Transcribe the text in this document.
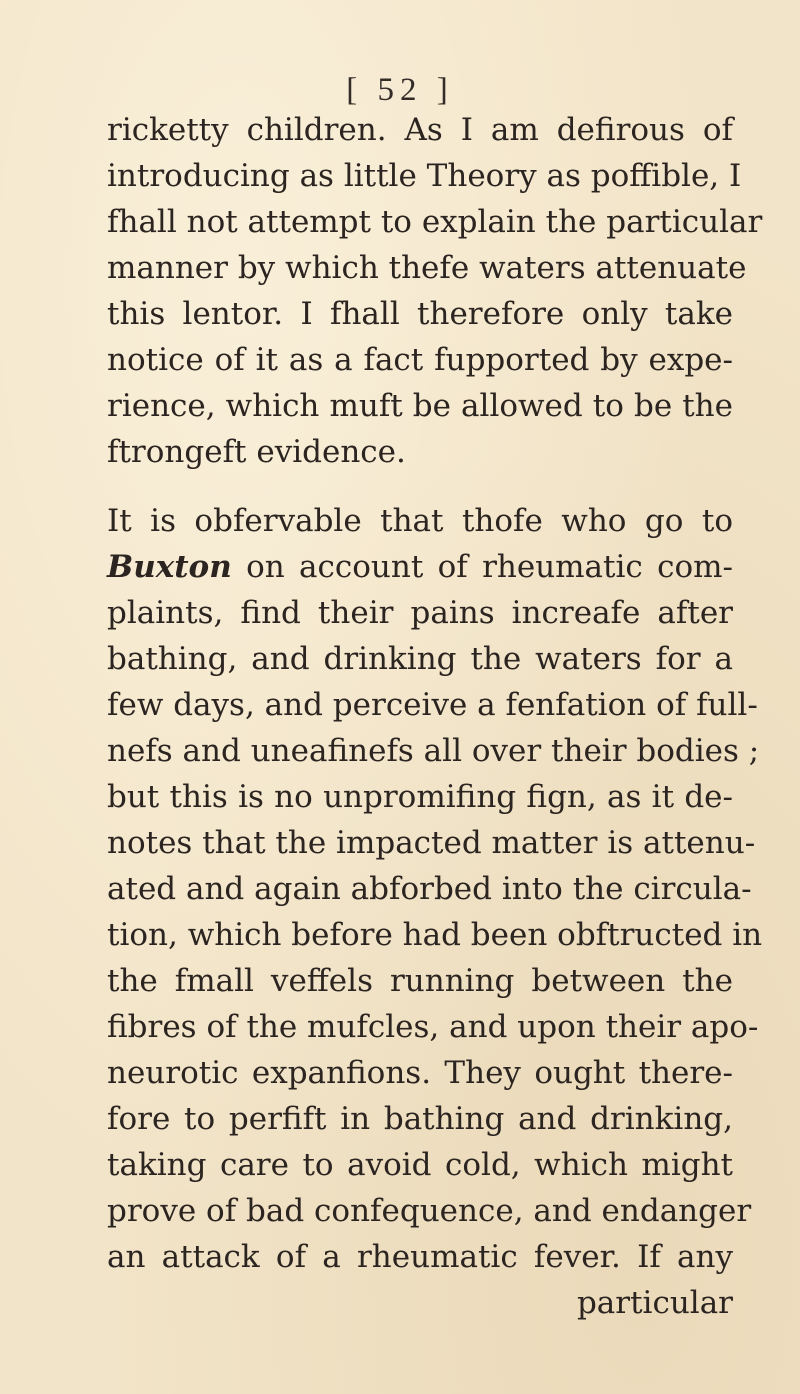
[ 52 ]
ricketty children. As I am defirous of
introducing as little Theory as poffible, I
fhall not attempt to explain the particular
manner by which thefe waters attenuate
this lentor. I fhall therefore only take
notice of it as a fact fupported by expe-
rience, which muft be allowed to be the
ftrongeft evidence.
It is obfervable that thofe who go to
Buxton on account of rheumatic com-
plaints, find their pains increafe after
bathing, and drinking the waters for a
few days, and perceive a fenfation of full-
nefs and uneafinefs all over their bodies ;
but this is no unpromifing fign, as it de-
notes that the impacted matter is attenu-
ated and again abforbed into the circula-
tion, which before had been obftructed in
the fmall veffels running between the
fibres of the mufcles, and upon their apo-
neurotic expanfions. They ought there-
fore to perfift in bathing and drinking,
taking care to avoid cold, which might
prove of bad confequence, and endanger
an attack of a rheumatic fever. If any
particular
